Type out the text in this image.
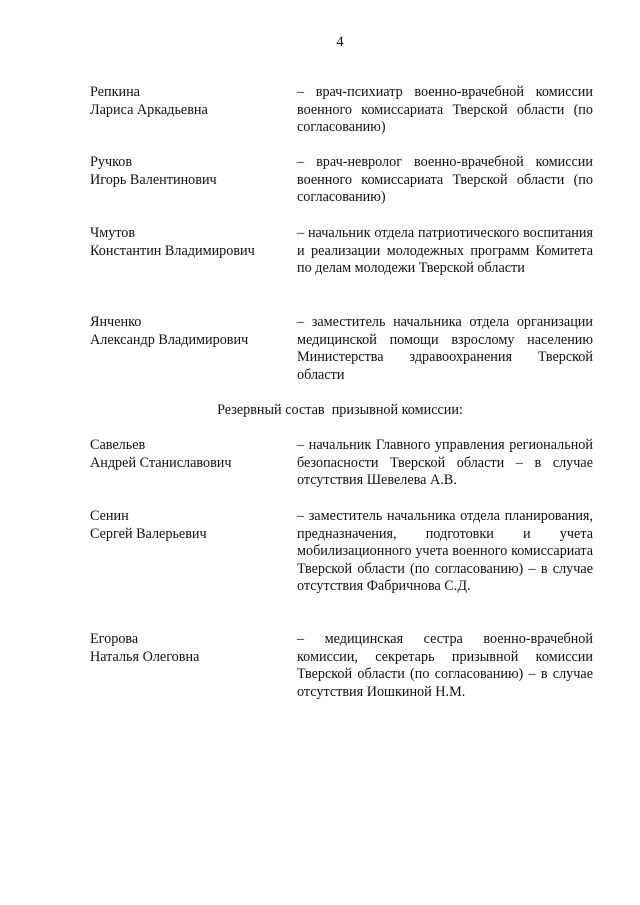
4
Репкина
Лариса Аркадьевна
– врач-психиатр военно-врачебной комиссии военного комиссариата Тверской области (по согласованию)
Ручков
Игорь Валентинович
– врач-невролог военно-врачебной комиссии военного комиссариата Тверской области (по согласованию)
Чмутов
Константин Владимирович
– начальник отдела патриотического воспитания и реализации молодежных программ Комитета по делам молодежи Тверской области
Янченко
Александр Владимирович
– заместитель начальника отдела организации медицинской помощи взрослому населению Министерства здравоохранения Тверской области
Резервный состав  призывной комиссии:
Савельев
Андрей Станиславович
– начальник Главного управления региональной безопасности Тверской области – в случае отсутствия Шевелева А.В.
Сенин
Сергей Валерьевич
– заместитель начальника отдела планирования, предназначения, подготовки и учета мобилизационного учета военного комиссариата Тверской области (по согласованию) – в случае отсутствия Фабричнова С.Д.
Егорова
Наталья Олеговна
– медицинская сестра военно-врачебной комиссии, секретарь призывной комиссии Тверской области (по согласованию) – в случае отсутствия Иошкиной Н.М.
